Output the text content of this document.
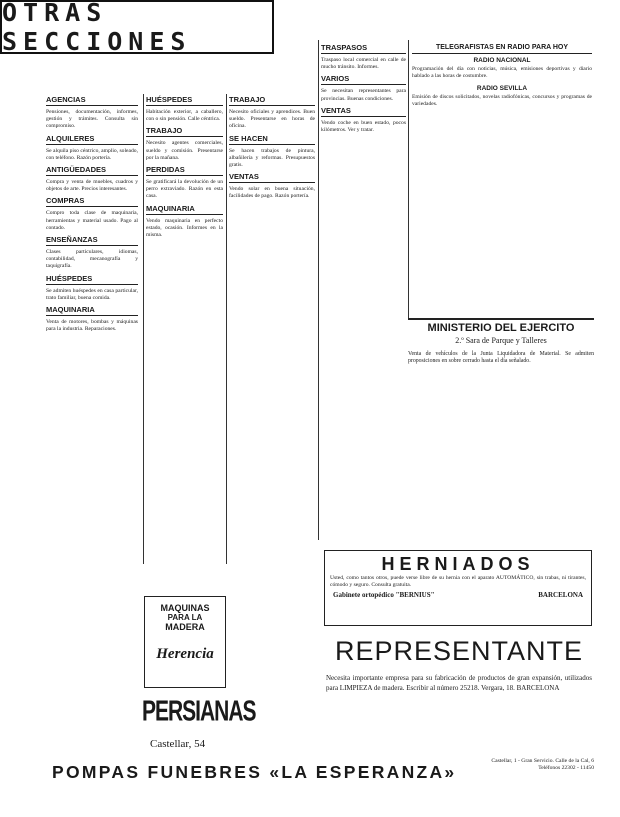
OTRAS SECCIONES
AGENCIAS

Pensiones, documentación, informes, gestión y trámites. Consulta sin compromiso.

ALQUILERES

Se alquila piso céntrico, amplio, soleado, con teléfono. Razón portería.

ANTIGÜEDADES

Compra y venta de muebles, cuadros y objetos de arte. Precios interesantes.

COMPRAS

Compro toda clase de maquinaria, herramientas y material usado. Pago al contado.

ENSEÑANZAS

Clases particulares, idiomas, contabilidad, mecanografía y taquigrafía.

HUÉSPEDES

Se admiten huéspedes en casa particular, trato familiar, buena comida.

MAQUINARIA

Venta de motores, bombas y máquinas para la industria. Reparaciones.

HUÉSPEDES

Habitación exterior, a caballero, con o sin pensión. Calle céntrica.

TRABAJO

Necesito agentes comerciales, sueldo y comisión. Presentarse por la mañana.

PERDIDAS

Se gratificará la devolución de un perro extraviado. Razón en esta casa.

MAQUINARIA

Vendo maquinaria en perfecto estado, ocasión. Informes en la misma.

MAQUINAS
PARA LA
MADERA
Herencia
PERSIANAS
Castellar, 54
TRABAJO

Necesito oficiales y aprendices. Buen sueldo. Presentarse en horas de oficina.

SE HACEN

Se hacen trabajos de pintura, albañilería y reformas. Presupuestos gratis.

VENTAS

Vendo solar en buena situación, facilidades de pago. Razón portería.

TRASPASOS

Traspaso local comercial en calle de mucho tránsito. Informes.

VARIOS

Se necesitan representantes para provincias. Buenas condiciones.

VENTAS

Vendo coche en buen estado, pocos kilómetros. Ver y tratar.

TELEGRAFISTAS EN RADIO PARA HOY
RADIO NACIONAL

Programación del día con noticias, música, emisiones deportivas y diario hablado a las horas de costumbre.

RADIO SEVILLA

Emisión de discos solicitados, novelas radiofónicas, concursos y programas de variedades.

MINISTERIO DEL EJERCITO
2.º Sara de Parque y Talleres
Venta de vehículos de la Junta Liquidadora de Material. Se admiten proposiciones en sobre cerrado hasta el día señalado.
HERNIADOS
Usted, como tantos otros, puede verse libre de su hernia con el aparato AUTOMÁTICO, sin trabas, ni tirantes, cómodo y seguro. Consulta gratuita.
Gabinete ortopédico "BERNIUS"	BARCELONA
REPRESENTANTE
Necesita importante empresa para su fabricación de productos de gran expansión, utilizados para LIMPIEZA de madera. Escribir al número 25218. Vergara, 18. BARCELONA
POMPAS FUNEBRES «LA ESPERANZA»
Castellar, 1 - Gran Servicio. Calle de la Cal, 6 Teléfonos 22302 - 11450
